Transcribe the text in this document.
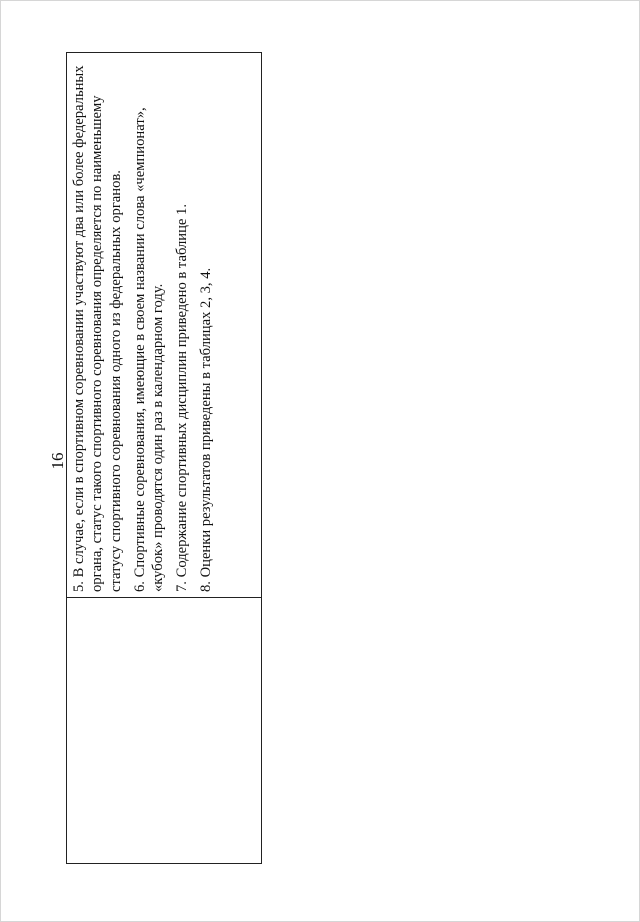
16 5. В случае, если в спортивном соревновании участвуют два или более федеральных органа, статус такого спортивного соревнования определяется по наименьшему статусу спортивного соревнования одного из федеральных органов. 6. Спортивные соревнования, имеющие в своем названии слова «чемпионат», «кубок» проводятся один раз в календарном году. 7. Содержание спортивных дисциплин приведено в таблице 1. 8. Оценки результатов приведены в таблицах 2, 3, 4.
